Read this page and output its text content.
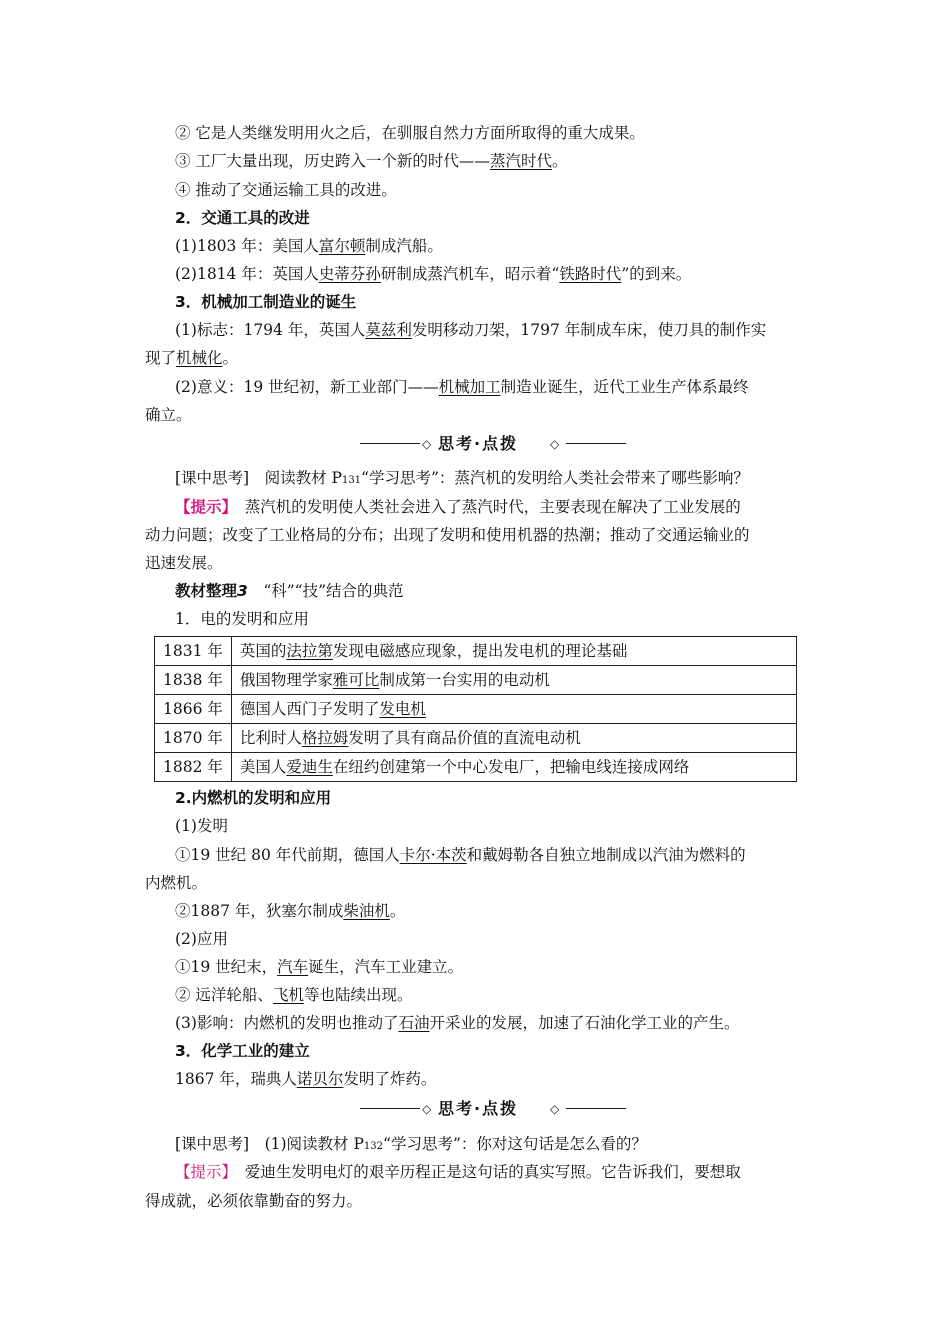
② 它是人类继发明用火之后，在驯服自然力方面所取得的重大成果。
③ 工厂大量出现，历史跨入一个新的时代——蒸汽时代。
④ 推动了交通运输工具的改进。
2．交通工具的改进
(1)1803 年：美国人富尔顿制成汽船。
(2)1814 年：英国人史蒂芬孙研制成蒸汽机车，昭示着“铁路时代”的到来。
3．机械加工制造业的诞生
(1)标志：1794 年，英国人莫兹利发明移动刀架，1797 年制成车床，使刀具的制作实
现了机械化。
(2)意义：19 世纪初，新工业部门——机械加工制造业诞生，近代工业生产体系最终
确立。
◇ 思考·点拨	◇
[课中思考]　阅读教材 P131“学习思考”：蒸汽机的发明给人类社会带来了哪些影响？
【提示】　蒸汽机的发明使人类社会进入了蒸汽时代，主要表现在解决了工业发展的
动力问题；改变了工业格局的分布；出现了发明和使用机器的热潮；推动了交通运输业的
迅速发展。
教材整理3　“科”“技”结合的典范
1．电的发明和应用
1831 年	英国的法拉第发现电磁感应现象，提出发电机的理论基础
1838 年	俄国物理学家雅可比制成第一台实用的电动机
1866 年	德国人西门子发明了发电机
1870 年	比利时人格拉姆发明了具有商品价值的直流电动机
1882 年	美国人爱迪生在纽约创建第一个中心发电厂，把输电线连接成网络
2.内燃机的发明和应用
(1)发明
①19 世纪 80 年代前期，德国人卡尔·本茨和戴姆勒各自独立地制成以汽油为燃料的
内燃机。
②1887 年，狄塞尔制成柴油机。
(2)应用
①19 世纪末，汽车诞生，汽车工业建立。
② 远洋轮船、飞机等也陆续出现。
(3)影响：内燃机的发明也推动了石油开采业的发展，加速了石油化学工业的产生。
3．化学工业的建立
1867 年，瑞典人诺贝尔发明了炸药。
◇ 思考·点拨	◇
[课中思考]　(1)阅读教材 P132“学习思考”：你对这句话是怎么看的？
【提示】　爱迪生发明电灯的艰辛历程正是这句话的真实写照。它告诉我们，要想取
得成就，必须依靠勤奋的努力。
